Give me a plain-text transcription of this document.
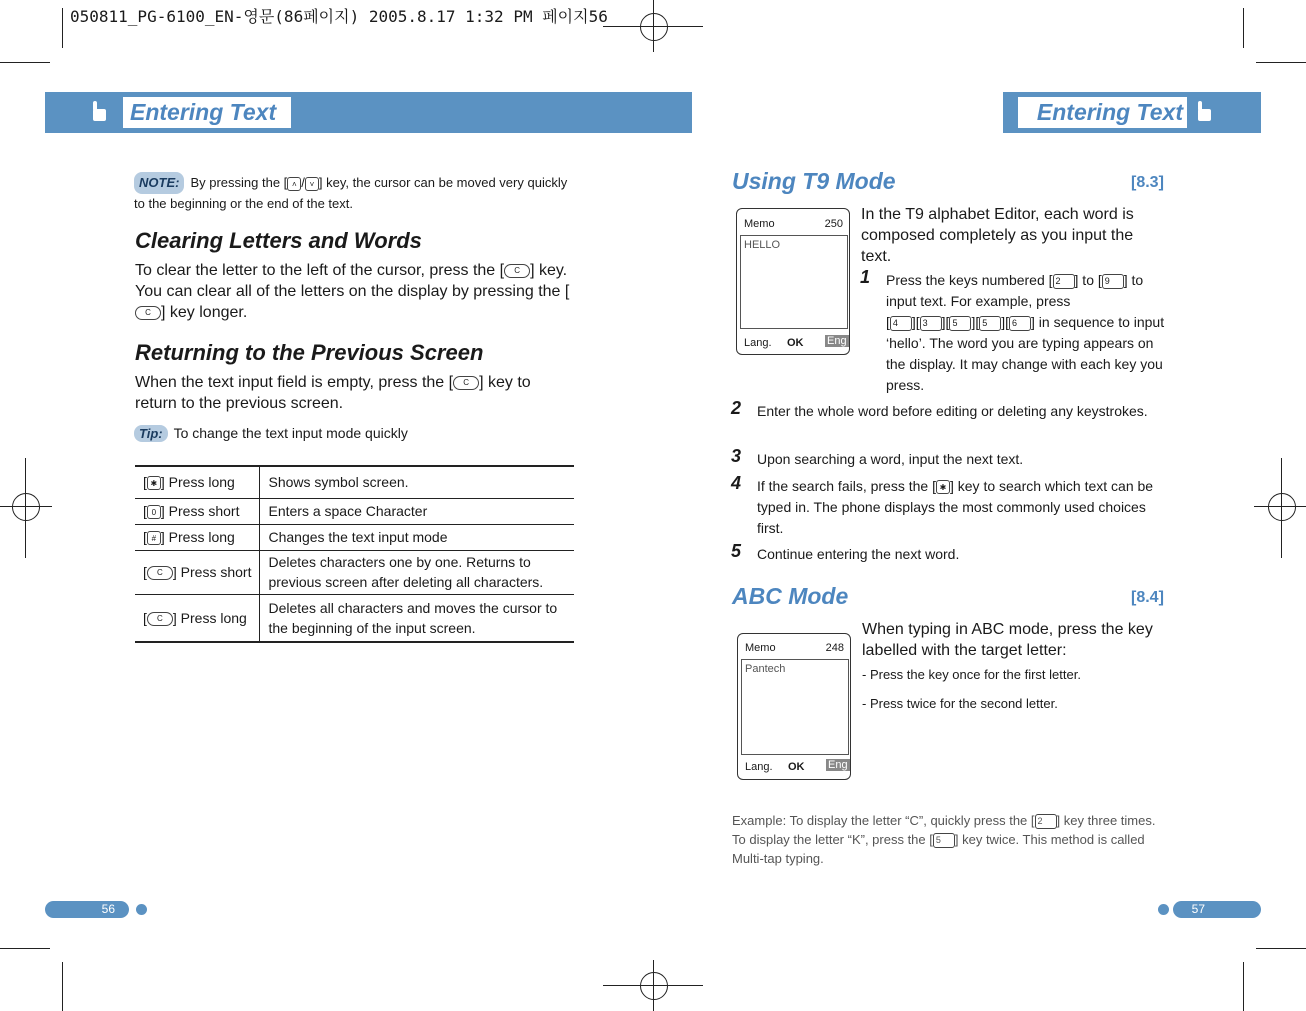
050811_PG-6100_EN-영문(86페이지) 2005.8.17 1:32 PM 페이지56
Entering Text	Entering Text
NOTE: By pressing the [ ˄ / ˅ ] key, the cursor can be moved very quickly
to the beginning or the end of the text.
Clearing Letters and Words
To clear the letter to the left of the cursor, press the [ C ] key. You can clear all of the letters on the display by pressing the [C ] key longer.
Returning to the Previous Screen
When the text input field is empty, press the [ C ] key to return to the previous screen.
Tip: To change the text input mode quickly
[ ✱ ] Press long	Shows symbol screen.
[ 0 ] Press short	Enters a space Character
[ # ] Press long	Changes the text input mode
[ C ] Press short	Deletes characters one by one. Returns to previous screen after deleting all characters.
[ C ] Press long	Deletes all characters and moves the cursor to the beginning of the input screen.
56
Using T9 Mode	[8.3]
Memo	250
HELLO
Lang. OK Eng
In the T9 alphabet Editor, each word is composed completely as you input the text.
1 Press the keys numbered [ 2 ] to [ 9 ] to input text. For example, press
[ 4 ][ 3 ][ 5 ][ 5 ][ 6 ] in sequence to input ‘hello’. The word you are typing appears on the display. It may change with each key you press.
2 Enter the whole word before editing or deleting any keystrokes.
3 Upon searching a word, input the next text.
4 If the search fails, press the [ ✱ ] key to search which text can be typed in. The phone displays the most commonly used choices first.
5 Continue entering the next word.
ABC Mode	[8.4]
Memo	248
Pantech
Lang. OK Eng
When typing in ABC mode, press the key labelled with the target letter:
- Press the key once for the first letter.
- Press twice for the second letter.
Example: To display the letter “C”, quickly press the [ 2 ] key three times.
To display the letter “K”, press the [ 5 ] key twice. This method is called
Multi-tap typing.
57
